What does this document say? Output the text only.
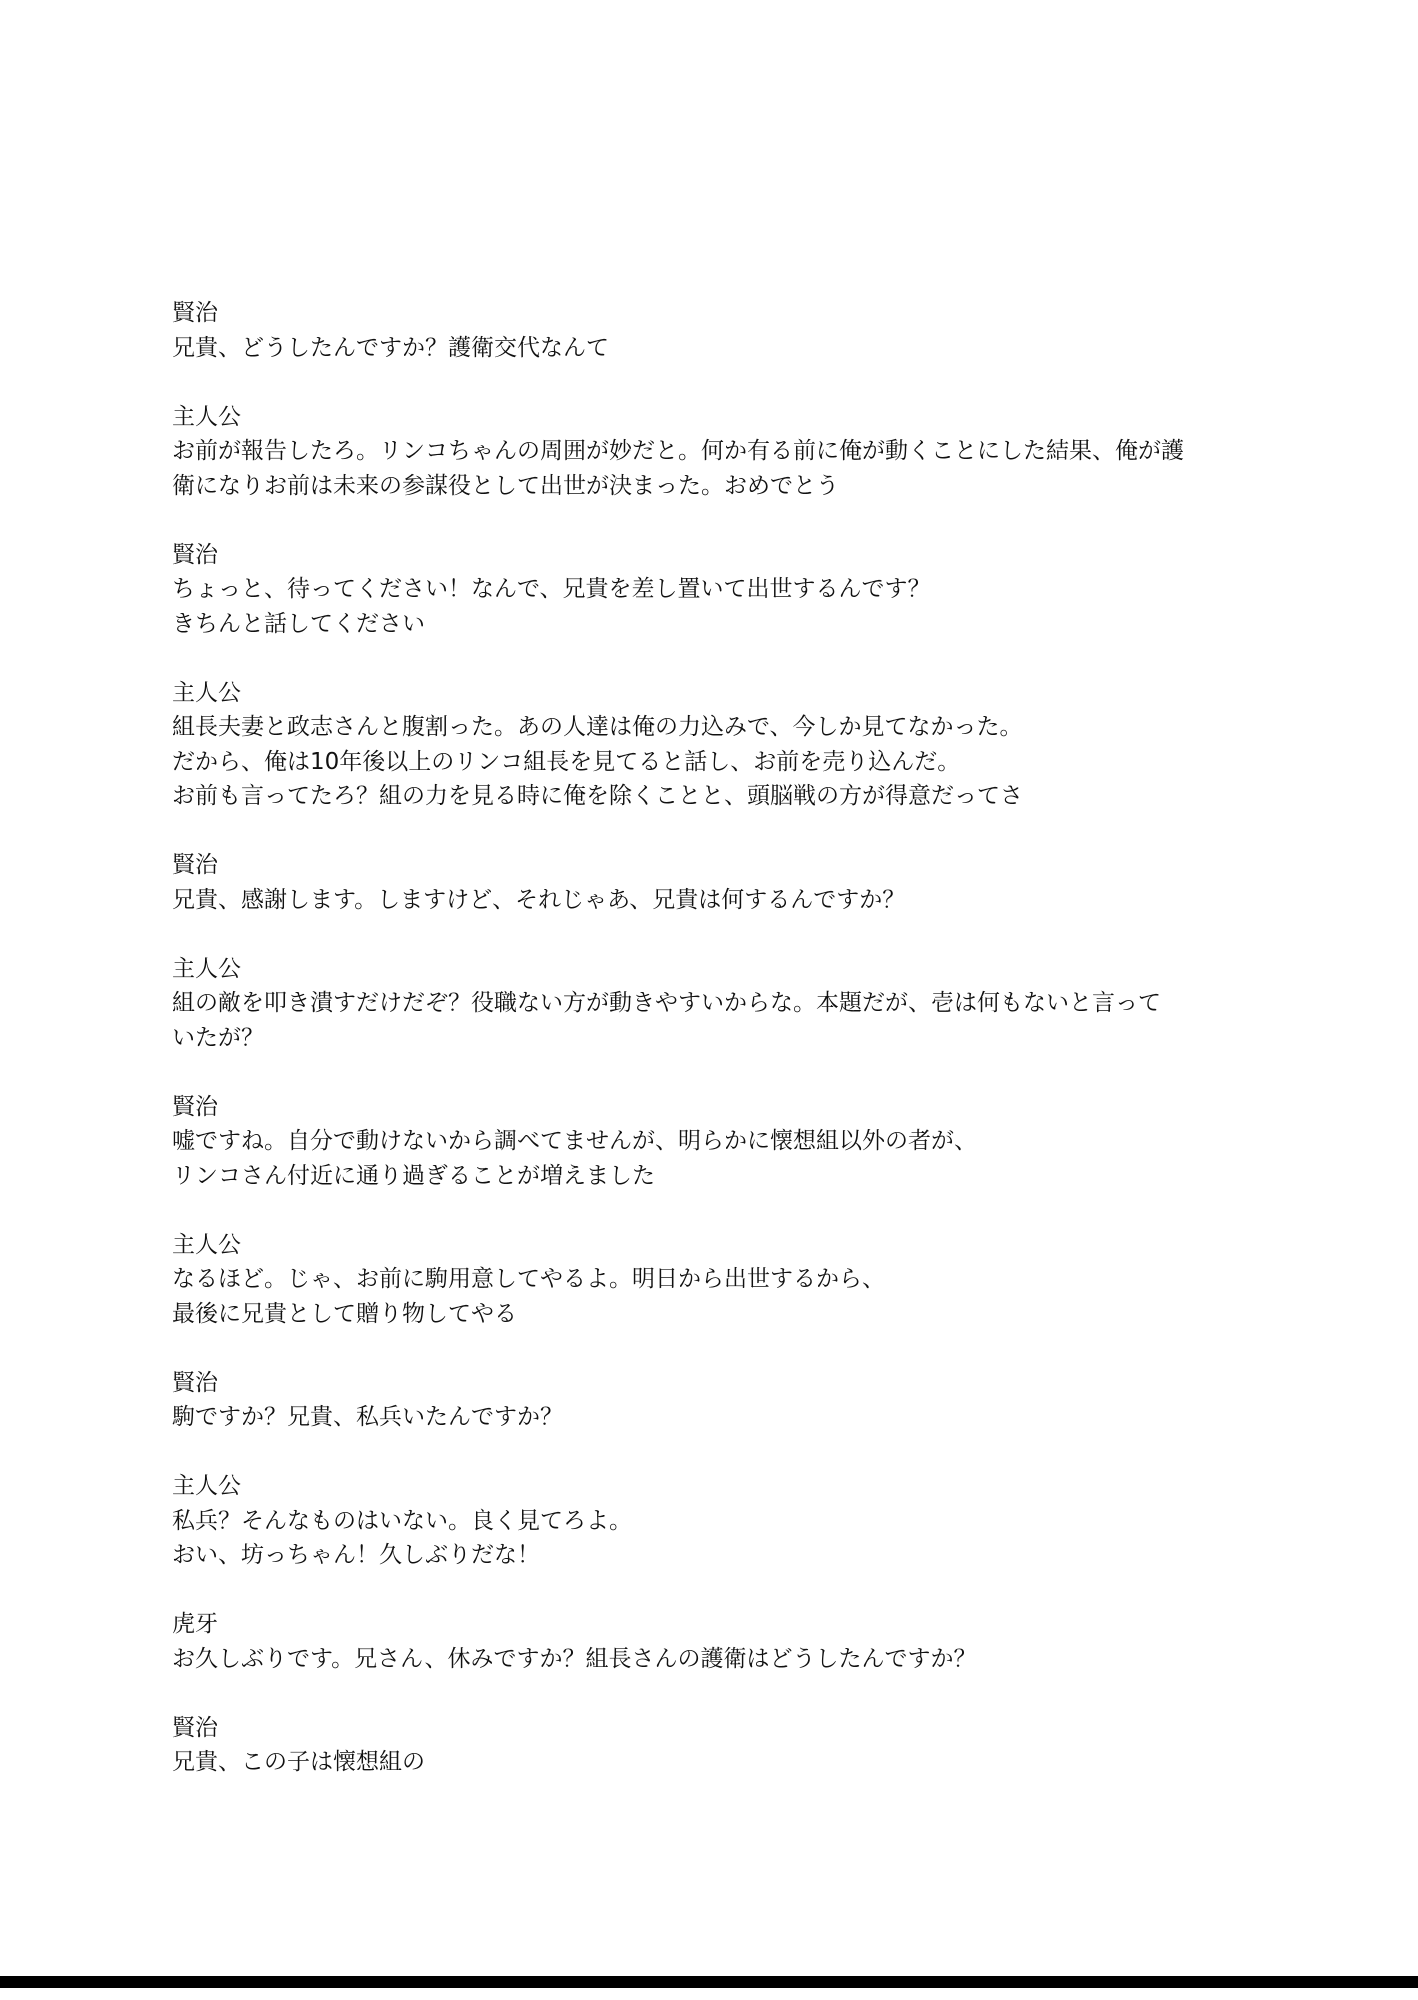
賢治
兄貴、どうしたんですか？護衛交代なんて
主人公
お前が報告したろ。リンコちゃんの周囲が妙だと。何か有る前に俺が動くことにした結果、俺が護
衛になりお前は未来の参謀役として出世が決まった。おめでとう
賢治
ちょっと、待ってください！なんで、兄貴を差し置いて出世するんです？
きちんと話してください
主人公
組長夫妻と政志さんと腹割った。あの人達は俺の力込みで、今しか見てなかった。
だから、俺は10年後以上のリンコ組長を見てると話し、お前を売り込んだ。
お前も言ってたろ？組の力を見る時に俺を除くことと、頭脳戦の方が得意だってさ
賢治
兄貴、感謝します。しますけど、それじゃあ、兄貴は何するんですか？
主人公
組の敵を叩き潰すだけだぞ？役職ない方が動きやすいからな。本題だが、壱は何もないと言って
いたが？
賢治
嘘ですね。自分で動けないから調べてませんが、明らかに懐想組以外の者が、
リンコさん付近に通り過ぎることが増えました
主人公
なるほど。じゃ、お前に駒用意してやるよ。明日から出世するから、
最後に兄貴として贈り物してやる
賢治
駒ですか？兄貴、私兵いたんですか？
主人公
私兵？そんなものはいない。良く見てろよ。
おい、坊っちゃん！久しぶりだな！
虎牙
お久しぶりです。兄さん、休みですか？組長さんの護衛はどうしたんですか？
賢治
兄貴、この子は懐想組の
